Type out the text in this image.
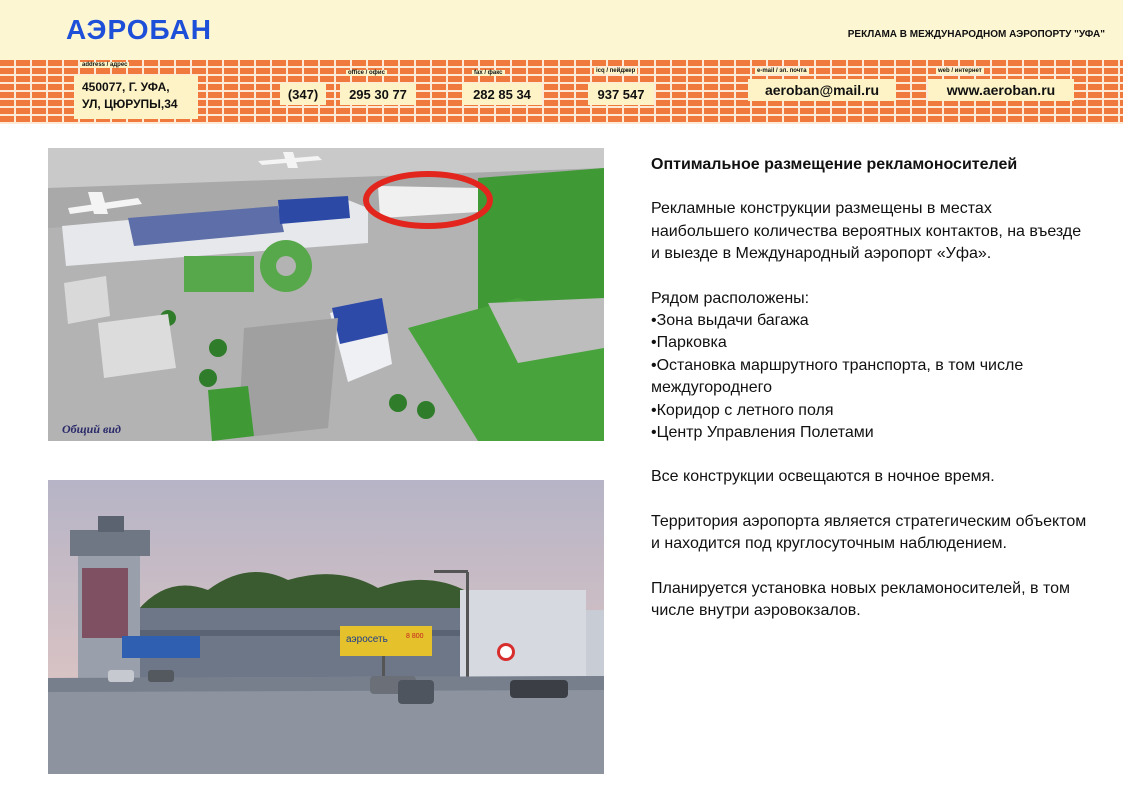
АЭРОБАН	РЕКЛАМА В МЕЖДУНАРОДНОМ АЭРОПОРТУ "УФА"
address / адрес
450077, Г. УФА,
УЛ, ЦЮРУПЫ,34
(347)
office / офис
295 30 77
fax / факс
282 85 34
icq / пейджер
937 547
e-mail / эл. почта
aeroban@mail.ru
web / интернет
www.aeroban.ru
Общий вид
аэросеть	8 800

Оптимальное размещение рекламоносителей

Рекламные конструкции размещены в местах наибольшего количества вероятных контактов, на въезде и выезде в Международный аэропорт «Уфа».

Рядом расположены:
• Зона выдачи багажа
• Парковка
• Остановка маршрутного транспорта, в том числе междугороднего
• Коридор с летного поля
• Центр Управления Полетами

Все конструкции освещаются в ночное время.

Территория аэропорта является стратегическим объектом и находится под круглосуточным наблюдением.

Планируется установка новых рекламоносителей, в том числе внутри аэровокзалов.
